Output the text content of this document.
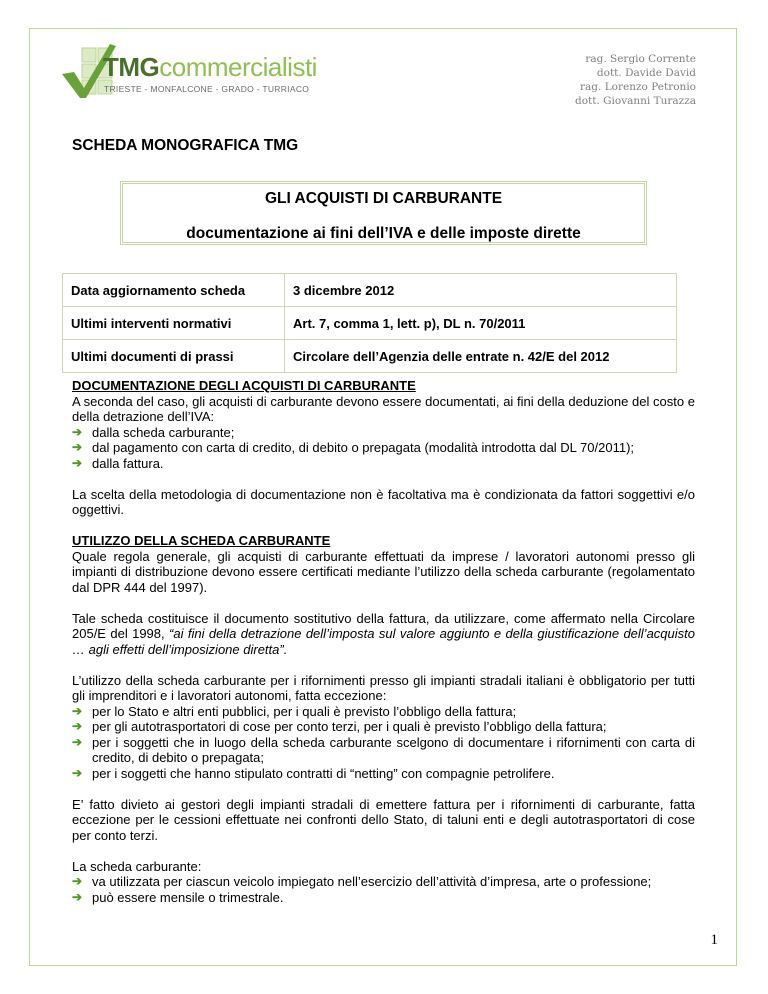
TMGcommercialisti
TRIESTE - MONFALCONE - GRADO - TURRIACO
rag. Sergio Corrente
dott. Davide David
rag. Lorenzo Petronio
dott. Giovanni Turazza
SCHEDA MONOGRAFICA TMG
GLI ACQUISTI DI CARBURANTE
documentazione ai fini dell’IVA e delle imposte dirette
Data aggiornamento scheda	3 dicembre 2012
Ultimi interventi normativi	Art. 7, comma 1, lett. p), DL n. 70/2011
Ultimi documenti di prassi	Circolare dell’Agenzia delle entrate n. 42/E del 2012
DOCUMENTAZIONE DEGLI ACQUISTI DI CARBURANTE
A seconda del caso, gli acquisti di carburante devono essere documentati, ai fini della deduzione del costo e della detrazione dell’IVA:
➔ dalla scheda carburante;
➔ dal pagamento con carta di credito, di debito o prepagata (modalità introdotta dal DL 70/2011);
➔ dalla fattura.

La scelta della metodologia di documentazione non è facoltativa ma è condizionata da fattori soggettivi e/o oggettivi.

UTILIZZO DELLA SCHEDA CARBURANTE

Quale regola generale, gli acquisti di carburante effettuati da imprese / lavoratori autonomi presso gli impianti di distribuzione devono essere certificati mediante l’utilizzo della scheda carburante (regolamentato dal DPR 444 del 1997).

Tale scheda costituisce il documento sostitutivo della fattura, da utilizzare, come affermato nella Circolare 205/E del 1998, “ai fini della detrazione dell’imposta sul valore aggiunto e della giustificazione dell’acquisto … agli effetti dell’imposizione diretta”.

L’utilizzo della scheda carburante per i rifornimenti presso gli impianti stradali italiani è obbligatorio per tutti gli imprenditori e i lavoratori autonomi, fatta eccezione:
➔ per lo Stato e altri enti pubblici, per i quali è previsto l’obbligo della fattura;
➔ per gli autotrasportatori di cose per conto terzi, per i quali è previsto l’obbligo della fattura;
➔ per i soggetti che in luogo della scheda carburante scelgono di documentare i rifornimenti con carta di credito, di debito o prepagata;
➔ per i soggetti che hanno stipulato contratti di “netting” con compagnie petrolifere.

E’ fatto divieto ai gestori degli impianti stradali di emettere fattura per i rifornimenti di carburante, fatta eccezione per le cessioni effettuate nei confronti dello Stato, di taluni enti e degli autotrasportatori di cose per conto terzi.

La scheda carburante:
➔ va utilizzata per ciascun veicolo impiegato nell’esercizio dell’attività d’impresa, arte o professione;
➔ può essere mensile o trimestrale.
1
